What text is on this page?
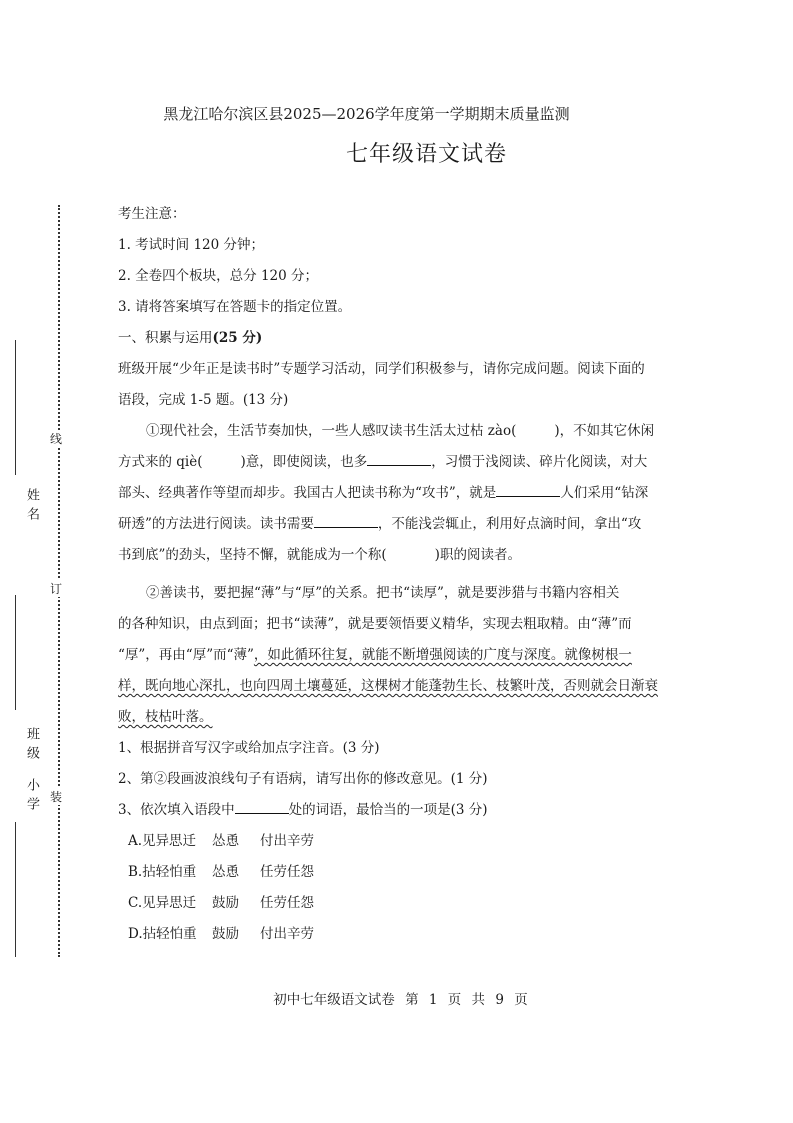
线
订
装
姓名
班级
小学
黑龙江哈尔滨区县2025—2026学年度第一学期期末质量监测
七年级语文试卷
考生注意：
1. 考试时间 120 分钟；
2. 全卷四个板块，总分 120 分；
3. 请将答案填写在答题卡的指定位置。
一、积累与运用(25 分)
班级开展“少年正是读书时”专题学习活动，同学们积极参与，请你完成问题。阅读下面的
语段，完成 1-5 题。(13 分)
①现代社会，生活节奏加快，一些人感叹读书生活太过枯 zào(	)，不如其它休闲
方式来的 qiè(	)意，即使阅读，也多	，习惯于浅阅读、碎片化阅读，对大
部头、经典著作等望而却步。我国古人把读书称为“攻书”，就是	人们采用“钻深
研透”的方法进行阅读。读书需要	，不能浅尝辄止，利用好点滴时间，拿出“攻
书到底”的劲头，坚持不懈，就能成为一个称(	)职的阅读者。
②善读书，要把握“薄”与“厚”的关系。把书“读厚”，就是要涉猎与书籍内容相关
的各种知识，由点到面；把书“读薄”，就是要领悟要义精华，实现去粗取精。由“薄”而
“厚”，再由“厚”而“薄”，如此循环往复，就能不断增强阅读的广度与深度。就像树根一
样，既向地心深扎，也向四周土壤蔓延，这棵树才能蓬勃生长、枝繁叶茂，否则就会日渐衰
败，枝枯叶落。
1、根据拼音写汉字或给加点字注音。(3 分)
2、第②段画波浪线句子有语病，请写出你的修改意见。(1 分)
3、依次填入语段中	处的词语，最恰当的一项是(3 分)
A.见异思迁 怂恿 付出辛劳
B.拈轻怕重 怂恿 任劳任怨
C.见异思迁 鼓励 任劳任怨
D.拈轻怕重 鼓励 付出辛劳
初中七年级语文试卷 第 1 页 共 9 页
